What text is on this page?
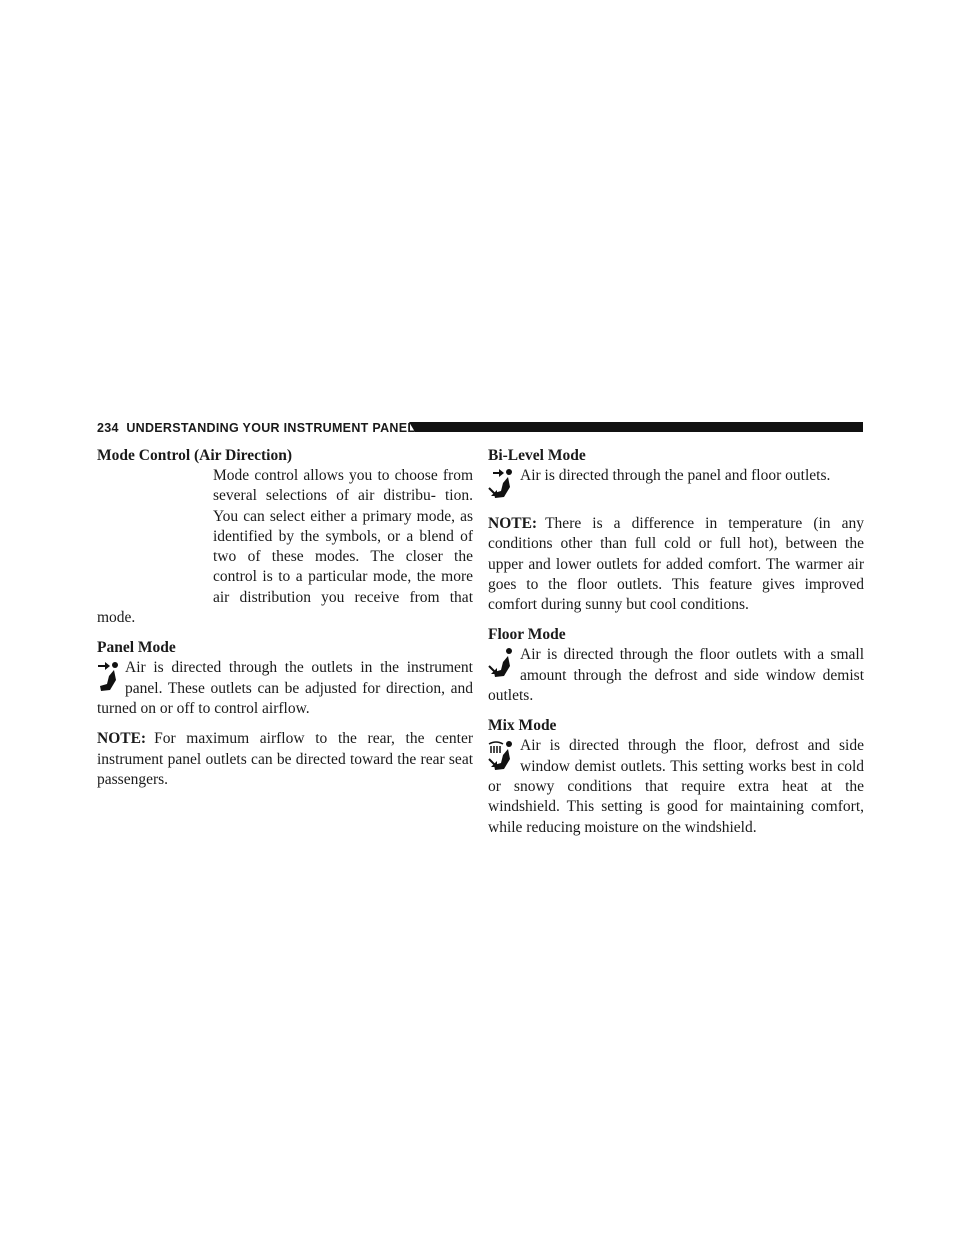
234 UNDERSTANDING YOUR INSTRUMENT PANEL
Mode Control (Air Direction)

Mode control allows you to choose from several selections of air distribu- tion. You can select either a primary mode, as identified by the symbols, or a blend of two of these modes. The closer the control is to a particular mode, the more air distribution you receive from that mode.

Panel Mode

Air is directed through the outlets in the instrument panel. These outlets can be adjusted for direction, and turned on or off to control airflow.

NOTE: For maximum airflow to the rear, the center instrument panel outlets can be directed toward the rear seat passengers.

Bi-Level Mode

Air is directed through the panel and floor outlets.

NOTE: There is a difference in temperature (in any conditions other than full cold or full hot), between the upper and lower outlets for added comfort. The warmer air goes to the floor outlets. This feature gives improved comfort during sunny but cool conditions.

Floor Mode

Air is directed through the floor outlets with a small amount through the defrost and side window demist outlets.

Mix Mode

Air is directed through the floor, defrost and side window demist outlets. This setting works best in cold or snowy conditions that require extra heat at the windshield. This setting is good for maintaining comfort, while reducing moisture on the windshield.
